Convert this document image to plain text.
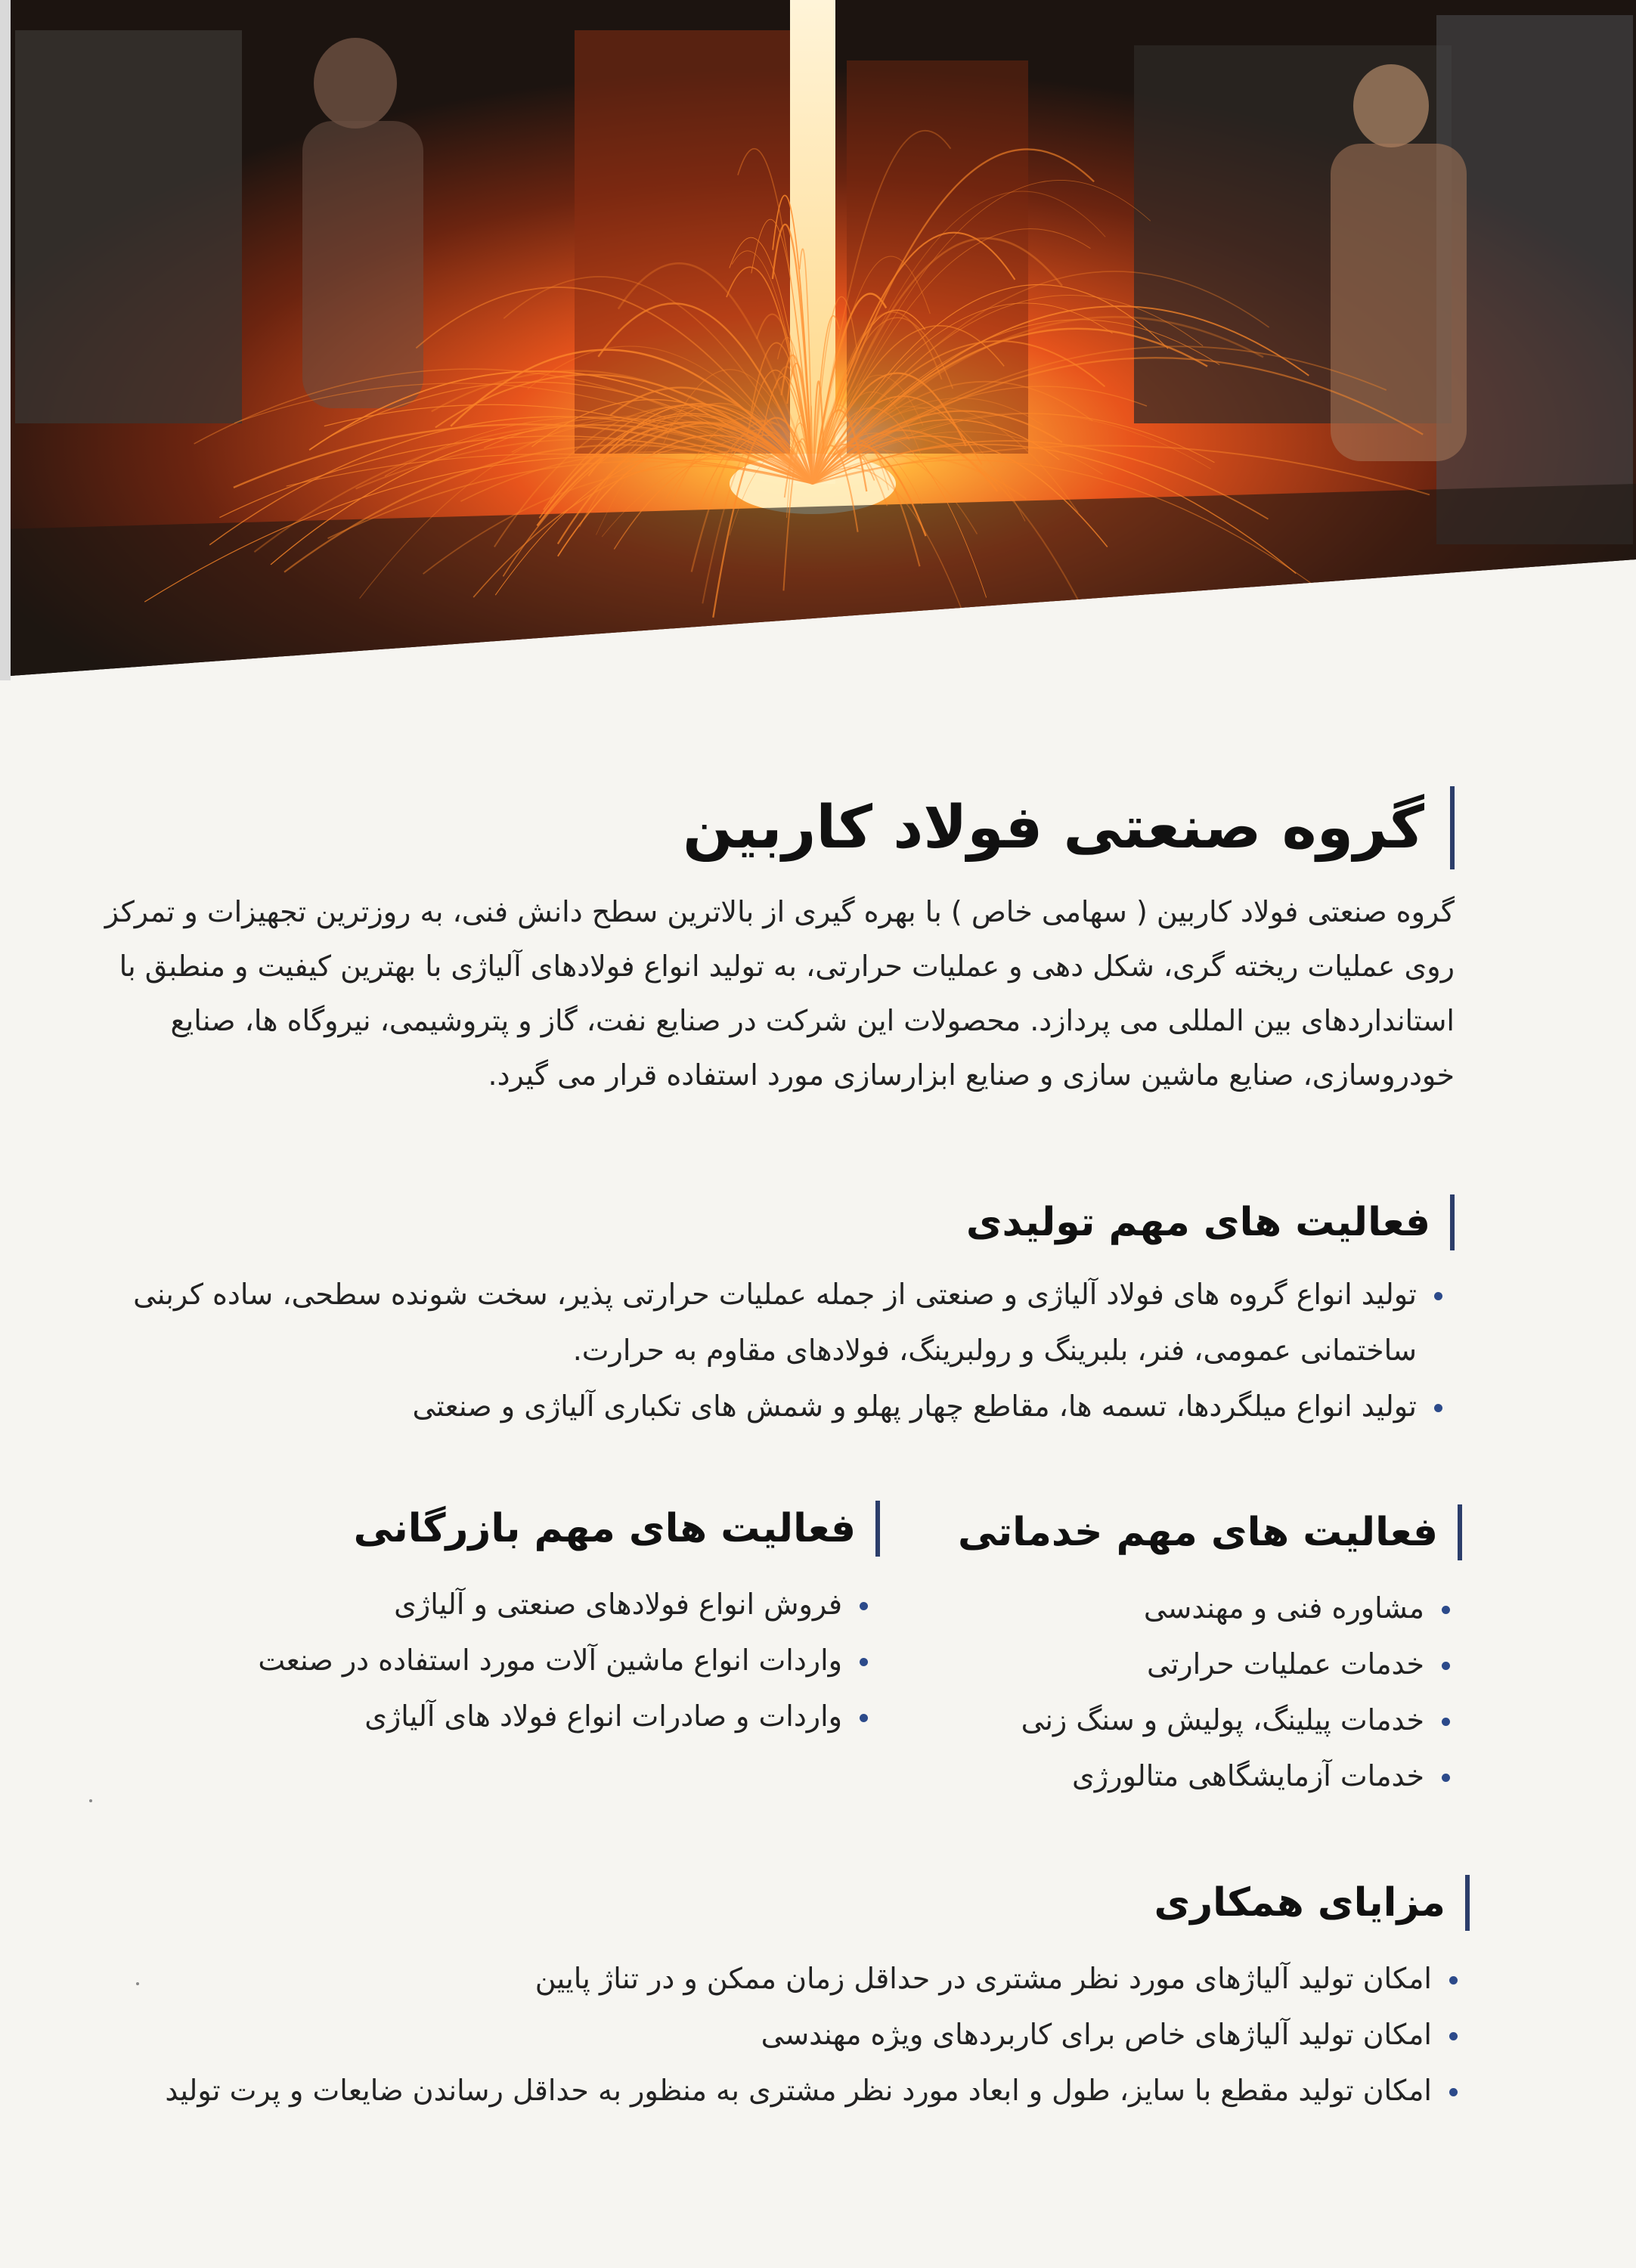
گروه صنعتی فولاد کاربین

گروه صنعتی فولاد کاربین ( سهامی خاص ) با بهره گیری از بالاترین سطح دانش فنی، به روزترین تجهیزات و تمرکز روی عملیات ریخته گری، شکل دهی و عملیات حرارتی، به تولید انواع فولادهای آلیاژی با بهترین کیفیت و منطبق با استانداردهای بین المللی می پردازد. محصولات این شرکت در صنایع نفت، گاز و پتروشیمی، نیروگاه ها، صنایع خودروسازی، صنایع ماشین سازی و صنایع ابزارسازی مورد استفاده قرار می گیرد.

فعالیت های مهم تولیدی
تولید انواع گروه های فولاد آلیاژی و صنعتی از جمله عملیات حرارتی پذیر، سخت شونده سطحی، ساده کربنی ساختمانی عمومی، فنر، بلبرینگ و رولبرینگ، فولادهای مقاوم به حرارت.
تولید انواع میلگردها، تسمه ها، مقاطع چهار پهلو و شمش های تکباری آلیاژی و صنعتی
فعالیت های مهم خدماتی
مشاوره فنی و مهندسی
خدمات عملیات حرارتی
خدمات پیلینگ، پولیش و سنگ زنی
خدمات آزمایشگاهی متالورژی
فعالیت های مهم بازرگانی
فروش انواع فولادهای صنعتی و آلیاژی
واردات انواع ماشین آلات مورد استفاده در صنعت
واردات و صادرات انواع فولاد های آلیاژی
مزایای همکاری
امکان تولید آلیاژهای مورد نظر مشتری در حداقل زمان ممکن و در تناژ پایین
امکان تولید آلیاژهای خاص برای کاربردهای ویژه مهندسی
امکان تولید مقطع با سایز، طول و ابعاد مورد نظر مشتری به منظور به حداقل رساندن ضایعات و پرت تولید
